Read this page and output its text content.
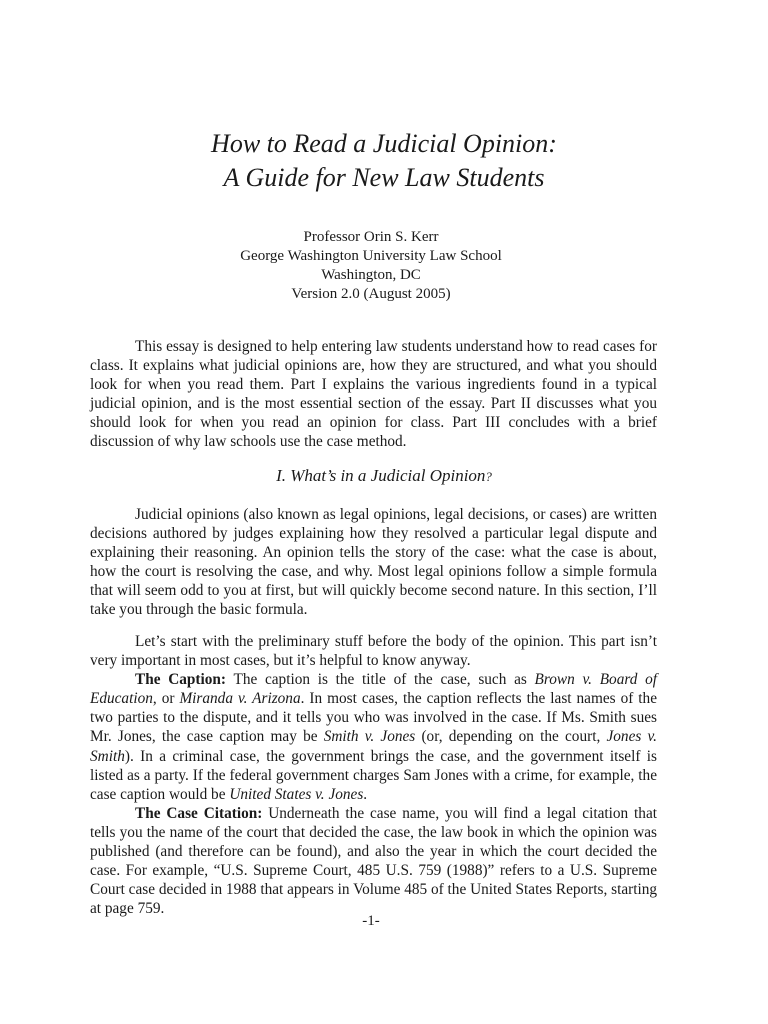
How to Read a Judicial Opinion:
A Guide for New Law Students
Professor Orin S. Kerr
George Washington University Law School
Washington, DC
Version 2.0 (August 2005)

This essay is designed to help entering law students understand how to read cases for class. It explains what judicial opinions are, how they are structured, and what you should look for when you read them. Part I explains the various ingredients found in a typical judicial opinion, and is the most essential section of the essay. Part II discusses what you should look for when you read an opinion for class. Part III concludes with a brief discussion of why law schools use the case method.

I. What’s in a Judicial Opinion?

Judicial opinions (also known as legal opinions, legal decisions, or cases) are written decisions authored by judges explaining how they resolved a particular legal dispute and explaining their reasoning. An opinion tells the story of the case: what the case is about, how the court is resolving the case, and why. Most legal opinions follow a simple formula that will seem odd to you at first, but will quickly become second nature. In this section, I’ll take you through the basic formula.

Let’s start with the preliminary stuff before the body of the opinion. This part isn’t very important in most cases, but it’s helpful to know anyway.

The Caption: The caption is the title of the case, such as Brown v. Board of Education, or Miranda v. Arizona. In most cases, the caption reflects the last names of the two parties to the dispute, and it tells you who was involved in the case. If Ms. Smith sues Mr. Jones, the case caption may be Smith v. Jones (or, depending on the court, Jones v. Smith). In a criminal case, the government brings the case, and the government itself is listed as a party. If the federal government charges Sam Jones with a crime, for example, the case caption would be United States v. Jones.

The Case Citation: Underneath the case name, you will find a legal citation that tells you the name of the court that decided the case, the law book in which the opinion was published (and therefore can be found), and also the year in which the court decided the case. For example, “U.S. Supreme Court, 485 U.S. 759 (1988)” refers to a U.S. Supreme Court case decided in 1988 that appears in Volume 485 of the United States Reports, starting at page 759.

-1-
